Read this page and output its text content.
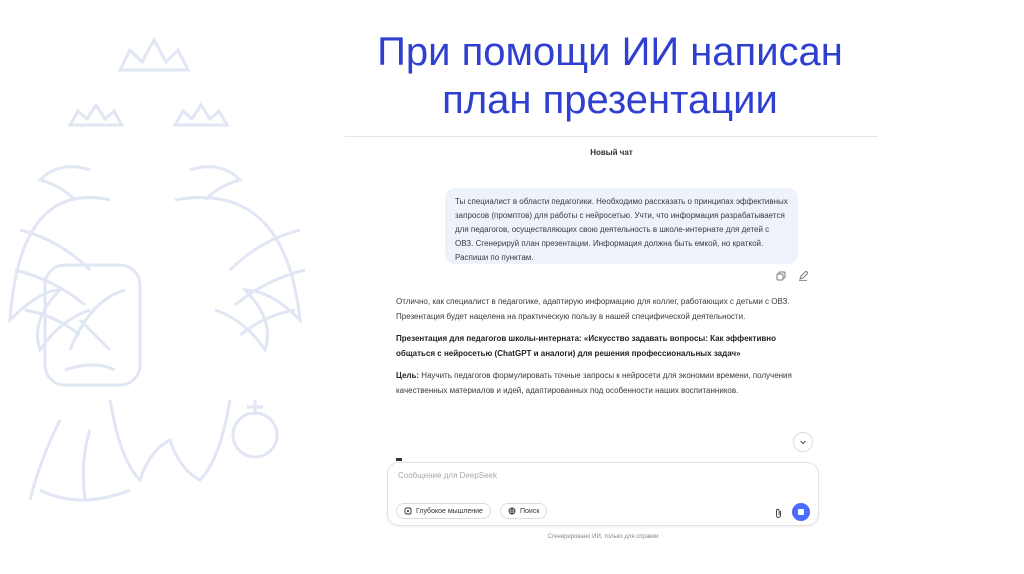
При помощи ИИ написан
план презентации
Новый чат
Ты специалист в области педагогики. Необходимо рассказать о принципах эффективных запросов (промптов) для работы с нейросетью. Учти, что информация разрабатывается для педагогов, осуществляющих свою деятельность в школе-интернате для детей с ОВЗ. Сгенерируй план презентации. Информация должна быть емкой, но краткой. Распиши по пунктам.

Отлично, как специалист в педагогике, адаптирую информацию для коллег, работающих с детьми с ОВЗ. Презентация будет нацелена на практическую пользу в нашей специфической деятельности.

Презентация для педагогов школы-интерната: «Искусство задавать вопросы: Как эффективно общаться с нейросетью (ChatGPT и аналоги) для решения профессиональных задач»

Цель: Научить педагогов формулировать точные запросы к нейросети для экономии времени, получения качественных материалов и идей, адаптированных под особенности наших воспитанников.

Сообщение для DeepSeek
Глубокое мышление	Поиск
Сгенерировано ИИ, только для справки
